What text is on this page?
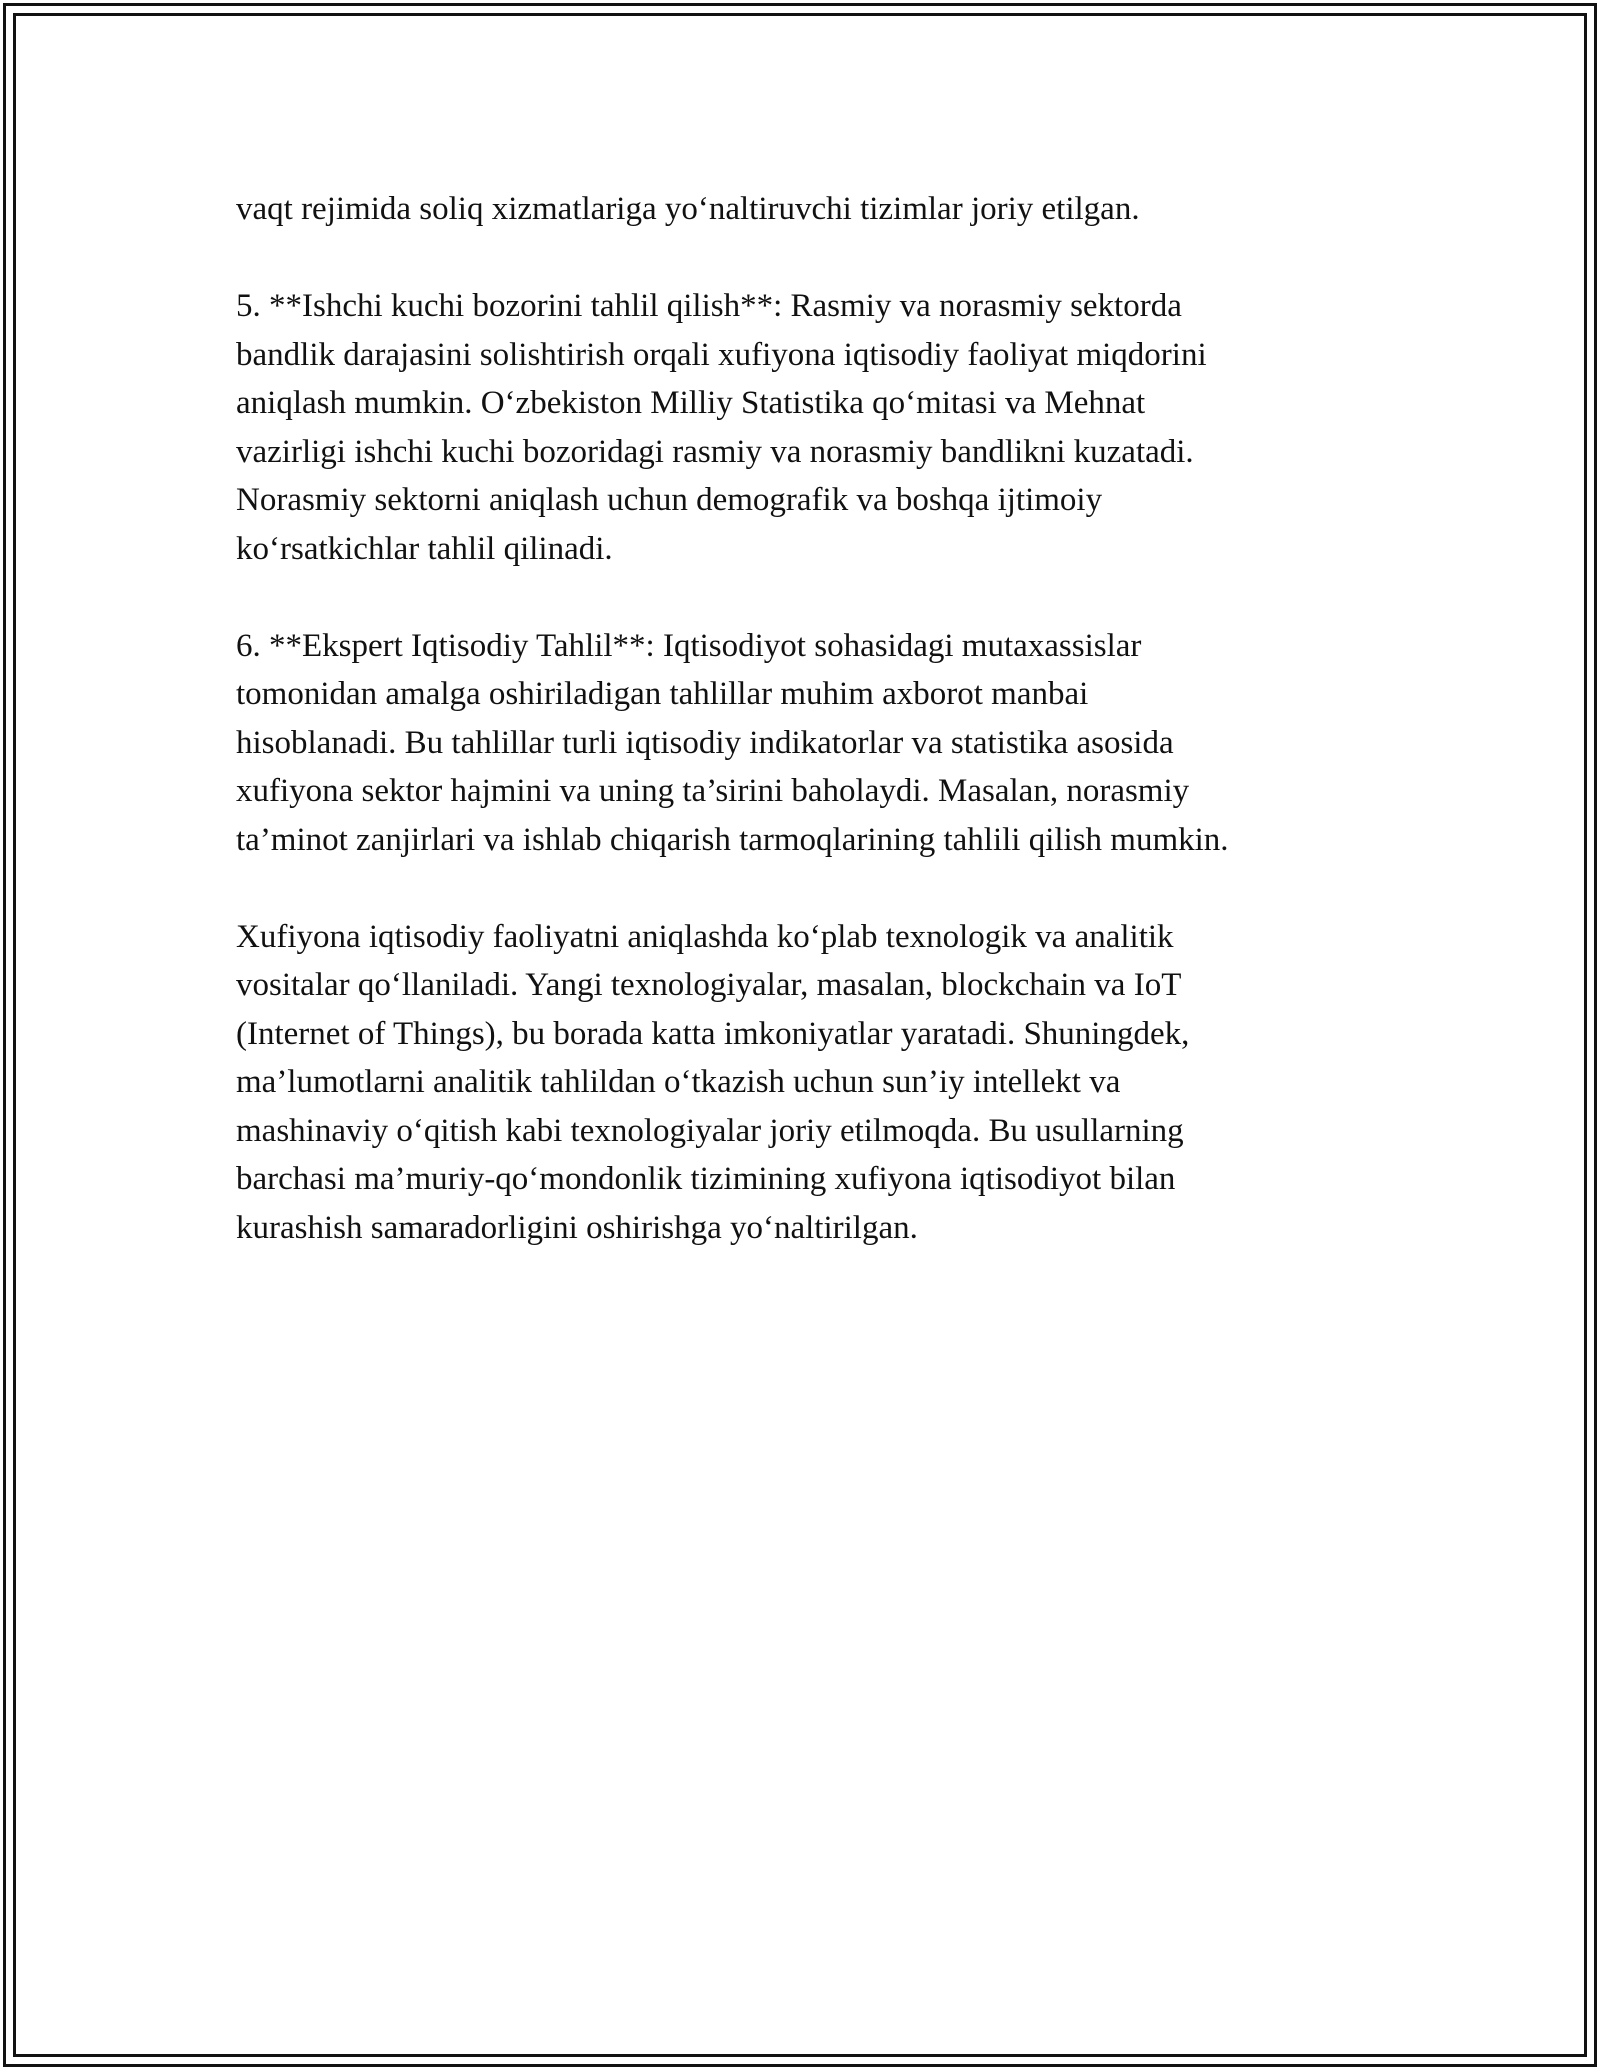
vaqt rejimida soliq xizmatlariga yo‘naltiruvchi tizimlar joriy etilgan.
5. **Ishchi kuchi bozorini tahlil qilish**: Rasmiy va norasmiy sektorda
bandlik darajasini solishtirish orqali xufiyona iqtisodiy faoliyat miqdorini
aniqlash mumkin. O‘zbekiston Milliy Statistika qo‘mitasi va Mehnat
vazirligi ishchi kuchi bozoridagi rasmiy va norasmiy bandlikni kuzatadi.
Norasmiy sektorni aniqlash uchun demografik va boshqa ijtimoiy
ko‘rsatkichlar tahlil qilinadi.
6. **Ekspert Iqtisodiy Tahlil**: Iqtisodiyot sohasidagi mutaxassislar
tomonidan amalga oshiriladigan tahlillar muhim axborot manbai
hisoblanadi. Bu tahlillar turli iqtisodiy indikatorlar va statistika asosida
xufiyona sektor hajmini va uning ta’sirini baholaydi. Masalan, norasmiy
ta’minot zanjirlari va ishlab chiqarish tarmoqlarining tahlili qilish mumkin.
Xufiyona iqtisodiy faoliyatni aniqlashda ko‘plab texnologik va analitik
vositalar qo‘llaniladi. Yangi texnologiyalar, masalan, blockchain va IoT
(Internet of Things), bu borada katta imkoniyatlar yaratadi. Shuningdek,
ma’lumotlarni analitik tahlildan o‘tkazish uchun sun’iy intellekt va
mashinaviy o‘qitish kabi texnologiyalar joriy etilmoqda. Bu usullarning
barchasi ma’muriy-qo‘mondonlik tizimining xufiyona iqtisodiyot bilan
kurashish samaradorligini oshirishga yo‘naltirilgan.
